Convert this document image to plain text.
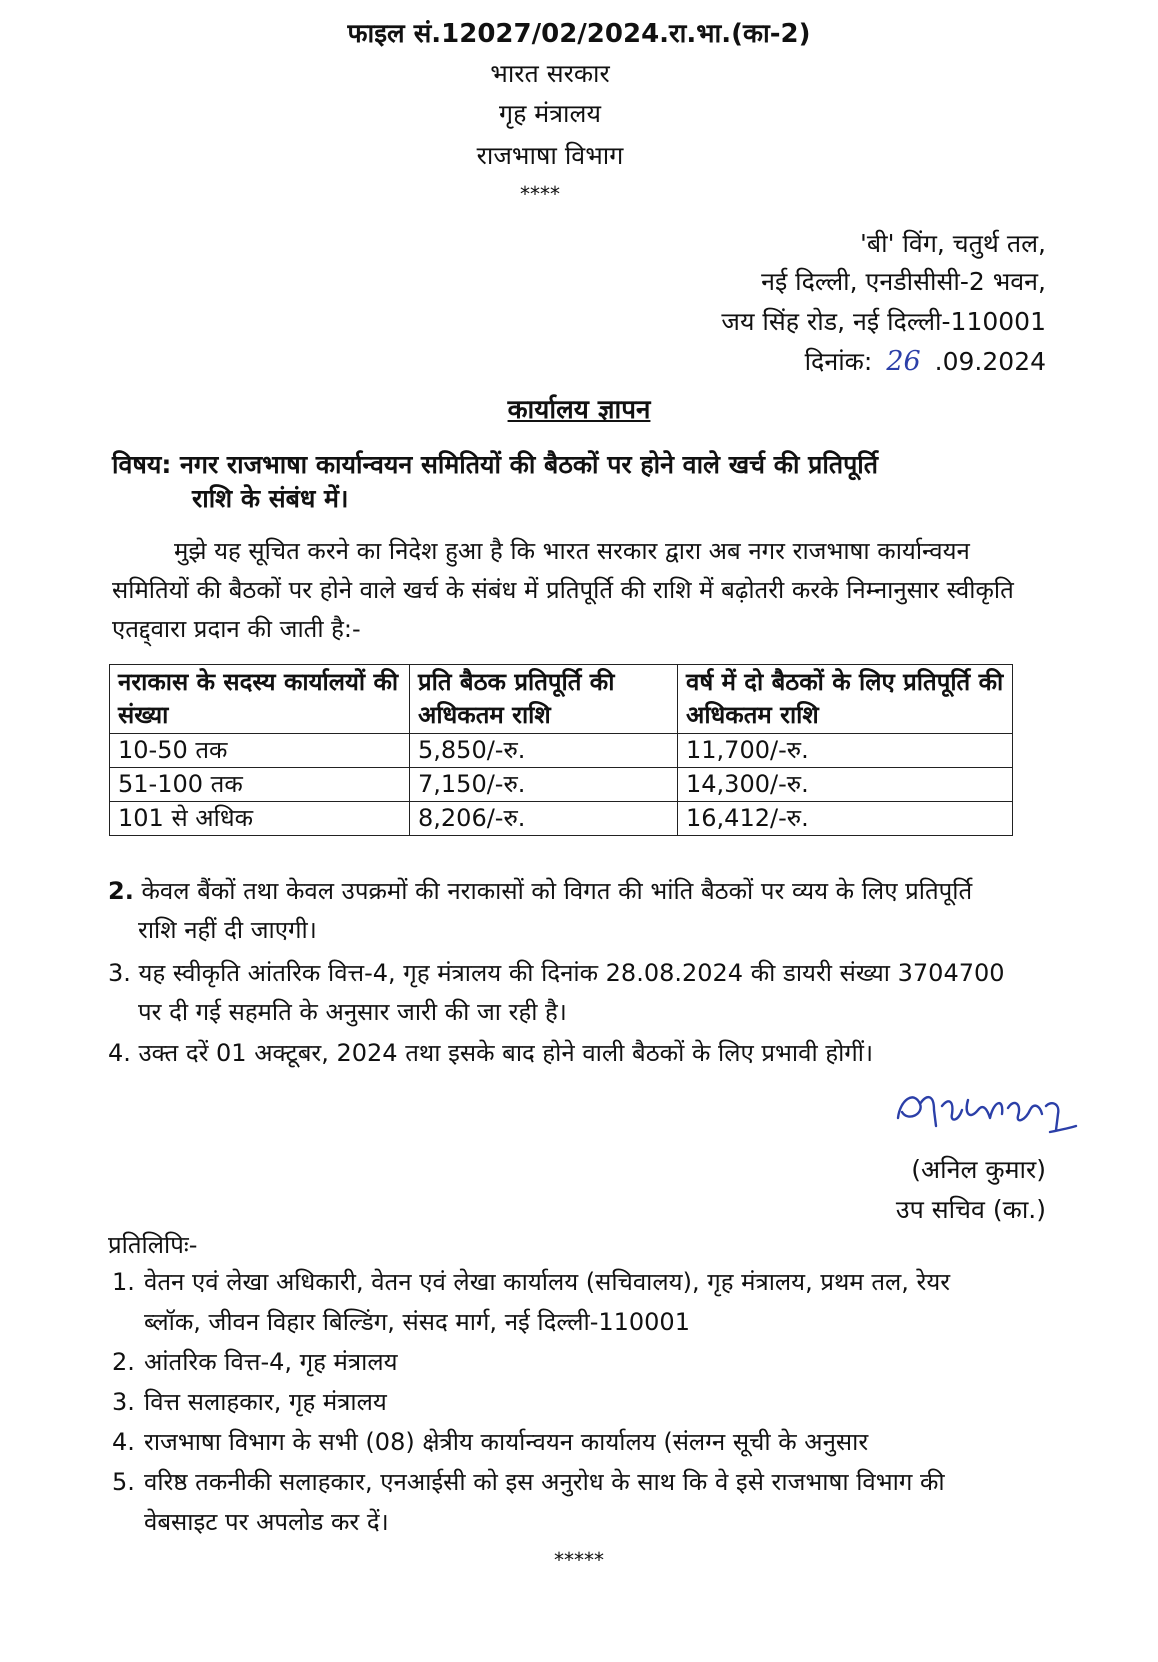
फाइल सं.12027/02/2024.रा.भा.(का-2)
भारत सरकार
गृह मंत्रालय
राजभाषा विभाग
****
'बी' विंग, चतुर्थ तल,
नई दिल्ली, एनडीसीसी-2 भवन,
जय सिंह रोड, नई दिल्ली-110001
दिनांक: 26 .09.2024
कार्यालय ज्ञापन
विषय: नगर राजभाषा कार्यान्वयन समितियों की बैठकों पर होने वाले खर्च की प्रतिपूर्ति
राशि के संबंध में।
मुझे यह सूचित करने का निदेश हुआ है कि भारत सरकार द्वारा अब नगर राजभाषा कार्यान्वयन समितियों की बैठकों पर होने वाले खर्च के संबंध में प्रतिपूर्ति की राशि में बढ़ोतरी करके निम्नानुसार स्वीकृति एतद्द्वारा प्रदान की जाती है:-
नराकास के सदस्य कार्यालयों की संख्या	प्रति बैठक प्रतिपूर्ति की अधिकतम राशि	वर्ष में दो बैठकों के लिए प्रतिपूर्ति की अधिकतम राशि
10-50 तक	5,850/-रु.	11,700/-रु.
51-100 तक	7,150/-रु.	14,300/-रु.
101 से अधिक	8,206/-रु.	16,412/-रु.
2. केवल बैंकों तथा केवल उपक्रमों की नराकासों को विगत की भांति बैठकों पर व्यय के लिए प्रतिपूर्ति
राशि नहीं दी जाएगी।
3. यह स्वीकृति आंतरिक वित्त-4, गृह मंत्रालय की दिनांक 28.08.2024 की डायरी संख्या 3704700
पर दी गई सहमति के अनुसार जारी की जा रही है।
4. उक्त दरें 01 अक्टूबर, 2024 तथा इसके बाद होने वाली बैठकों के लिए प्रभावी होगीं।
(अनिल कुमार)
उप सचिव (का.)
प्रतिलिपिः-
1. वेतन एवं लेखा अधिकारी, वेतन एवं लेखा कार्यालय (सचिवालय), गृह मंत्रालय, प्रथम तल, रेयर
ब्लॉक, जीवन विहार बिल्डिंग, संसद मार्ग, नई दिल्ली-110001
2. आंतरिक वित्त-4, गृह मंत्रालय
3. वित्त सलाहकार, गृह मंत्रालय
4. राजभाषा विभाग के सभी (08) क्षेत्रीय कार्यान्वयन कार्यालय (संलग्न सूची के अनुसार
5. वरिष्ठ तकनीकी सलाहकार, एनआईसी को इस अनुरोध के साथ कि वे इसे राजभाषा विभाग की
वेबसाइट पर अपलोड कर दें।
*****
